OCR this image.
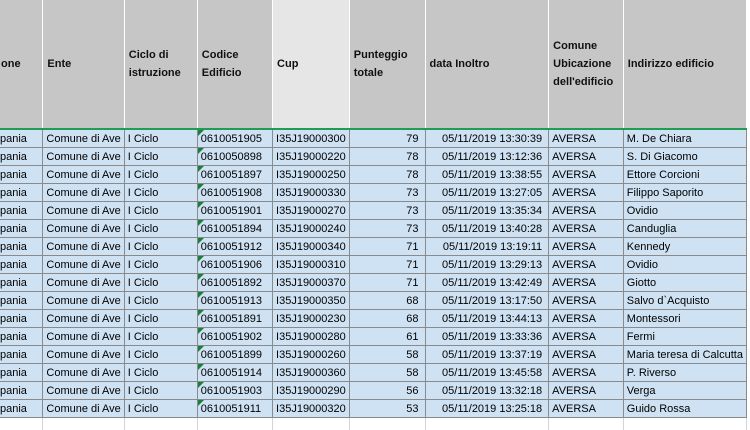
one	Ente	Ciclo di istruzione	Codice Edificio	Cup	Punteggio totale	data Inoltro	Comune Ubicazione dell'edificio	Indirizzo edificio
pania	Comune di Ave	I Ciclo	0610051905	I35J19000300	79	05/11/2019 13:30:39	AVERSA	M. De Chiara
pania	Comune di Ave	I Ciclo	0610050898	I35J19000220	78	05/11/2019 13:12:36	AVERSA	S. Di Giacomo
pania	Comune di Ave	I Ciclo	0610051897	I35J19000250	78	05/11/2019 13:38:55	AVERSA	Ettore Corcioni
pania	Comune di Ave	I Ciclo	0610051908	I35J19000330	73	05/11/2019 13:27:05	AVERSA	Filippo Saporito
pania	Comune di Ave	I Ciclo	0610051901	I35J19000270	73	05/11/2019 13:35:34	AVERSA	Ovidio
pania	Comune di Ave	I Ciclo	0610051894	I35J19000240	73	05/11/2019 13:40:28	AVERSA	Canduglia
pania	Comune di Ave	I Ciclo	0610051912	I35J19000340	71	05/11/2019 13:19:11	AVERSA	Kennedy
pania	Comune di Ave	I Ciclo	0610051906	I35J19000310	71	05/11/2019 13:29:13	AVERSA	Ovidio
pania	Comune di Ave	I Ciclo	0610051892	I35J19000370	71	05/11/2019 13:42:49	AVERSA	Giotto
pania	Comune di Ave	I Ciclo	0610051913	I35J19000350	68	05/11/2019 13:17:50	AVERSA	Salvo d`Acquisto
pania	Comune di Ave	I Ciclo	0610051891	I35J19000230	68	05/11/2019 13:44:13	AVERSA	Montessori
pania	Comune di Ave	I Ciclo	0610051902	I35J19000280	61	05/11/2019 13:33:36	AVERSA	Fermi
pania	Comune di Ave	I Ciclo	0610051899	I35J19000260	58	05/11/2019 13:37:19	AVERSA	Maria teresa di Calcutta
pania	Comune di Ave	I Ciclo	0610051914	I35J19000360	58	05/11/2019 13:45:58	AVERSA	P. Riverso
pania	Comune di Ave	I Ciclo	0610051903	I35J19000290	56	05/11/2019 13:32:18	AVERSA	Verga
pania	Comune di Ave	I Ciclo	0610051911	I35J19000320	53	05/11/2019 13:25:18	AVERSA	Guido Rossa
